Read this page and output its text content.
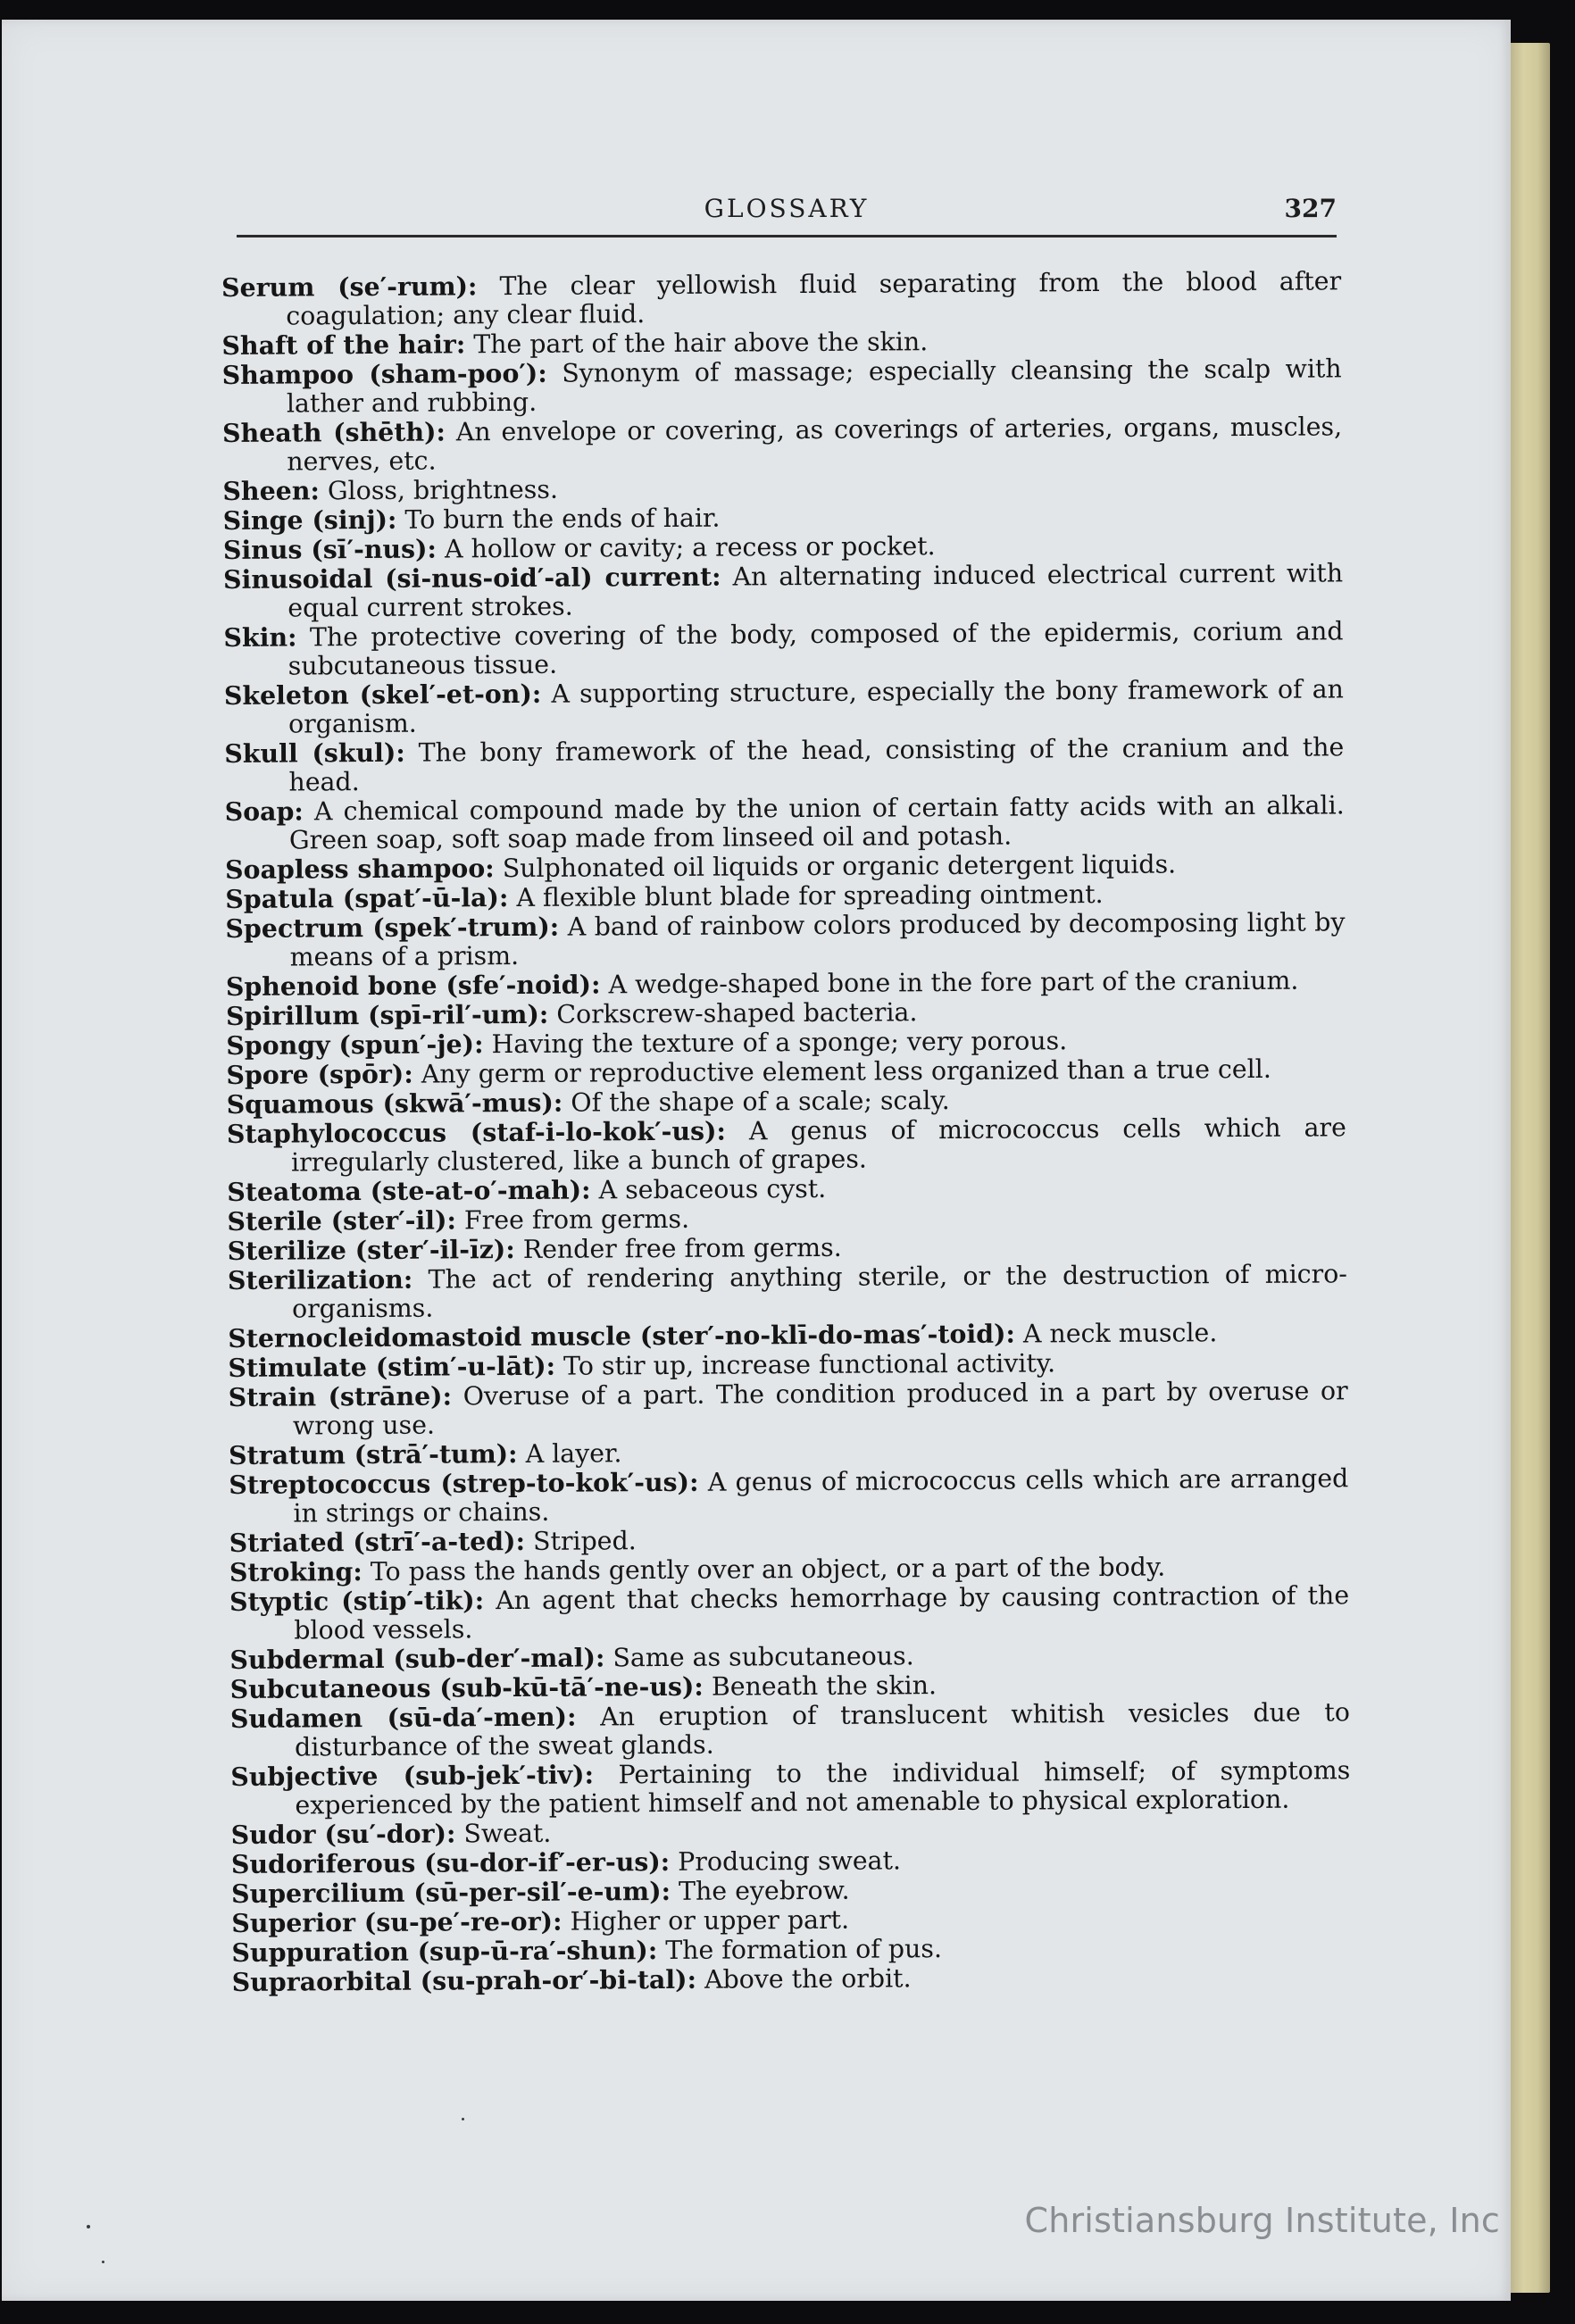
GLOSSARY	327
Serum (se′-rum): The clear yellowish fluid separating from the blood after coagulation; any clear fluid.
Shaft of the hair: The part of the hair above the skin.
Shampoo (sham-poo′): Synonym of massage; especially cleansing the scalp with lather and rubbing.
Sheath (shēth): An envelope or covering, as coverings of arteries, organs, muscles, nerves, etc.
Sheen: Gloss, brightness.
Singe (sinj): To burn the ends of hair.
Sinus (sī′-nus): A hollow or cavity; a recess or pocket.
Sinusoidal (si-nus-oid′-al) current: An alternating induced electrical current with equal current strokes.
Skin: The protective covering of the body, composed of the epidermis, corium and subcutaneous tissue.
Skeleton (skel′-et-on): A supporting structure, especially the bony framework of an organism.
Skull (skul): The bony framework of the head, consisting of the cranium and the head.
Soap: A chemical compound made by the union of certain fatty acids with an alkali. Green soap, soft soap made from linseed oil and potash.
Soapless shampoo: Sulphonated oil liquids or organic detergent liquids.
Spatula (spat′-ū-la): A flexible blunt blade for spreading ointment.
Spectrum (spek′-trum): A band of rainbow colors produced by decomposing light by means of a prism.
Sphenoid bone (sfe′-noid): A wedge-shaped bone in the fore part of the cranium.
Spirillum (spī-ril′-um): Corkscrew-shaped bacteria.
Spongy (spun′-je): Having the texture of a sponge; very porous.
Spore (spōr): Any germ or reproductive element less organized than a true cell.
Squamous (skwā′-mus): Of the shape of a scale; scaly.
Staphylococcus (staf-i-lo-kok′-us): A genus of micrococcus cells which are irregularly clustered, like a bunch of grapes.
Steatoma (ste-at-o′-mah): A sebaceous cyst.
Sterile (ster′-il): Free from germs.
Sterilize (ster′-il-īz): Render free from germs.
Sterilization: The act of rendering anything sterile, or the destruction of micro-organisms.
Sternocleidomastoid muscle (ster′-no-klī-do-mas′-toid): A neck muscle.
Stimulate (stim′-u-lāt): To stir up, increase functional activity.
Strain (strāne): Overuse of a part. The condition produced in a part by overuse or wrong use.
Stratum (strā′-tum): A layer.
Streptococcus (strep-to-kok′-us): A genus of micrococcus cells which are arranged in strings or chains.
Striated (strī′-a-ted): Striped.
Stroking: To pass the hands gently over an object, or a part of the body.
Styptic (stip′-tik): An agent that checks hemorrhage by causing contraction of the blood vessels.
Subdermal (sub-der′-mal): Same as subcutaneous.
Subcutaneous (sub-kū-tā′-ne-us): Beneath the skin.
Sudamen (sū-da′-men): An eruption of translucent whitish vesicles due to disturbance of the sweat glands.
Subjective (sub-jek′-tiv): Pertaining to the individual himself; of symptoms experienced by the patient himself and not amenable to physical exploration.
Sudor (su′-dor): Sweat.
Sudoriferous (su-dor-if′-er-us): Producing sweat.
Supercilium (sū-per-sil′-e-um): The eyebrow.
Superior (su-pe′-re-or): Higher or upper part.
Suppuration (sup-ū-ra′-shun): The formation of pus.
Supraorbital (su-prah-or′-bi-tal): Above the orbit.
Christiansburg Institute, Inc
